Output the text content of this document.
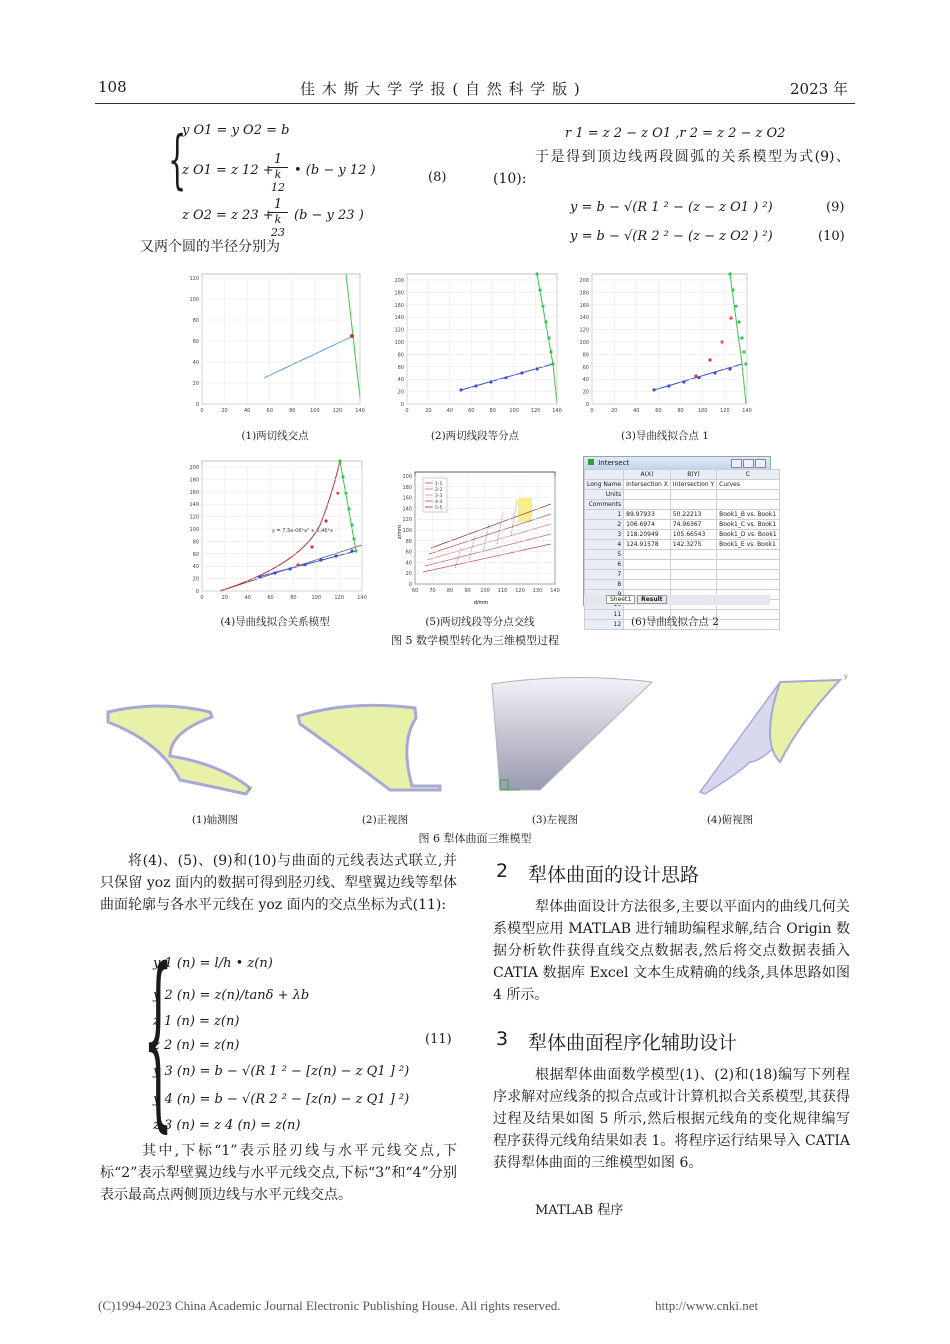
108	佳 木 斯 大 学 学 报 ( 自 然 科 学 版 )	2023 年
{
y O1 = y O2 = b
z O1 = z 12 +
1
k 12
• (b − y 12 )
z O2 = z 23 +
1
k 23
(b − y 23 )
(8)
又两个圆的半径分别为
r 1 = z 2 − z O1 ,r 2 = z 2 − z O2
于是得到顶边线两段圆弧的关系模型为式(9)、(10):
y = b − √(R 1 ² − (z − z O1 ) ²)	(9)
y = b − √(R 2 ² − (z − z O2 ) ²)	(10)
0	20	40	60	80	100	120	140
0
20
40
60
80
100
120
(1)两切线交点
0	20	40	60	80	100 120 140
0
20
40
60
80
100
120
140
160
180
200
(2)两切线段等分点
0	20	40	60	80	100	120	140
0
20
40
60
80
100
120
140
160
180
200
(3)导曲线拟合点 1
y = 7.5e-06*x² + 0.46*x
0	20	40	60	80	100	120	140
0
20
40
60
80
100
120
140
160
180
200
(4)导曲线拟合关系模型
1-1
2-2
3-3
4-4
5-5
60 70 80 90 100 110 120 130 140
0
20
40
60
80
100
120
140
160
180
200
d/mm
z/mm
(5)两切线段等分点交线
Intersect
	A(X)	B(Y)	C
Long Name	Intersection X	Intersection Y	Curves
Units			
Comments			
1	89.97933	50.22213	Book1_B vs. Book1
2	106.6974	74.96367	Book1_C vs. Book1
3	118.20949	105.66543	Book1_D vs. Book1
4	124.91578	142.3275	Book1_E vs. Book1
5			
6			
7			
8			

11			
12			
Sheet1 Result
(6)导曲线拟合点 2
图 5 数学模型转化为三维模型过程
y
y
(1)轴测图	(2)正视图	(3)左视图	(4)俯视图
图 6 犁体曲面三维模型
将(4)、(5)、(9)和(10)与曲面的元线表达式联立,并只保留 yoz 面内的数据可得到胫刃线、犁壁翼边线等犁体曲面轮廓与各水平元线在 yoz 面内的交点坐标为式(11):
{
y 1 (n) = l/h • z(n)
y 2 (n) = z(n)/tanδ + λb
z 1 (n) = z(n)
z 2 (n) = z(n)
y 3 (n) = b − √(R 1 ² − [z(n) − z Q1 ] ²)
y 4 (n) = b − √(R 2 ² − [z(n) − z Q1 ] ²)
z 3 (n) = z 4 (n) = z(n)
(11)
其中,下标“1”表示胫刃线与水平元线交点,下标“2”表示犁壁翼边线与水平元线交点,下标“3”和“4”分别表示最高点两侧顶边线与水平元线交点。
2 犁体曲面的设计思路
犁体曲面设计方法很多,主要以平面内的曲线几何关系模型应用 MATLAB 进行辅助编程求解,结合 Origin 数据分析软件获得直线交点数据表,然后将交点数据表插入 CATIA 数据库 Excel 文本生成精确的线条,具体思路如图 4 所示。
3 犁体曲面程序化辅助设计
根据犁体曲面数学模型(1)、(2)和(18)编写下列程序求解对应线条的拟合点或计计算机拟合关系模型,其获得过程及结果如图 5 所示,然后根据元线角的变化规律编写程序获得元线角结果如表 1。将程序运行结果导入 CATIA 获得犁体曲面的三维模型如图 6。
MATLAB 程序
(C)1994-2023 China Academic Journal Electronic Publishing House. All rights reserved.	http://www.cnki.net
